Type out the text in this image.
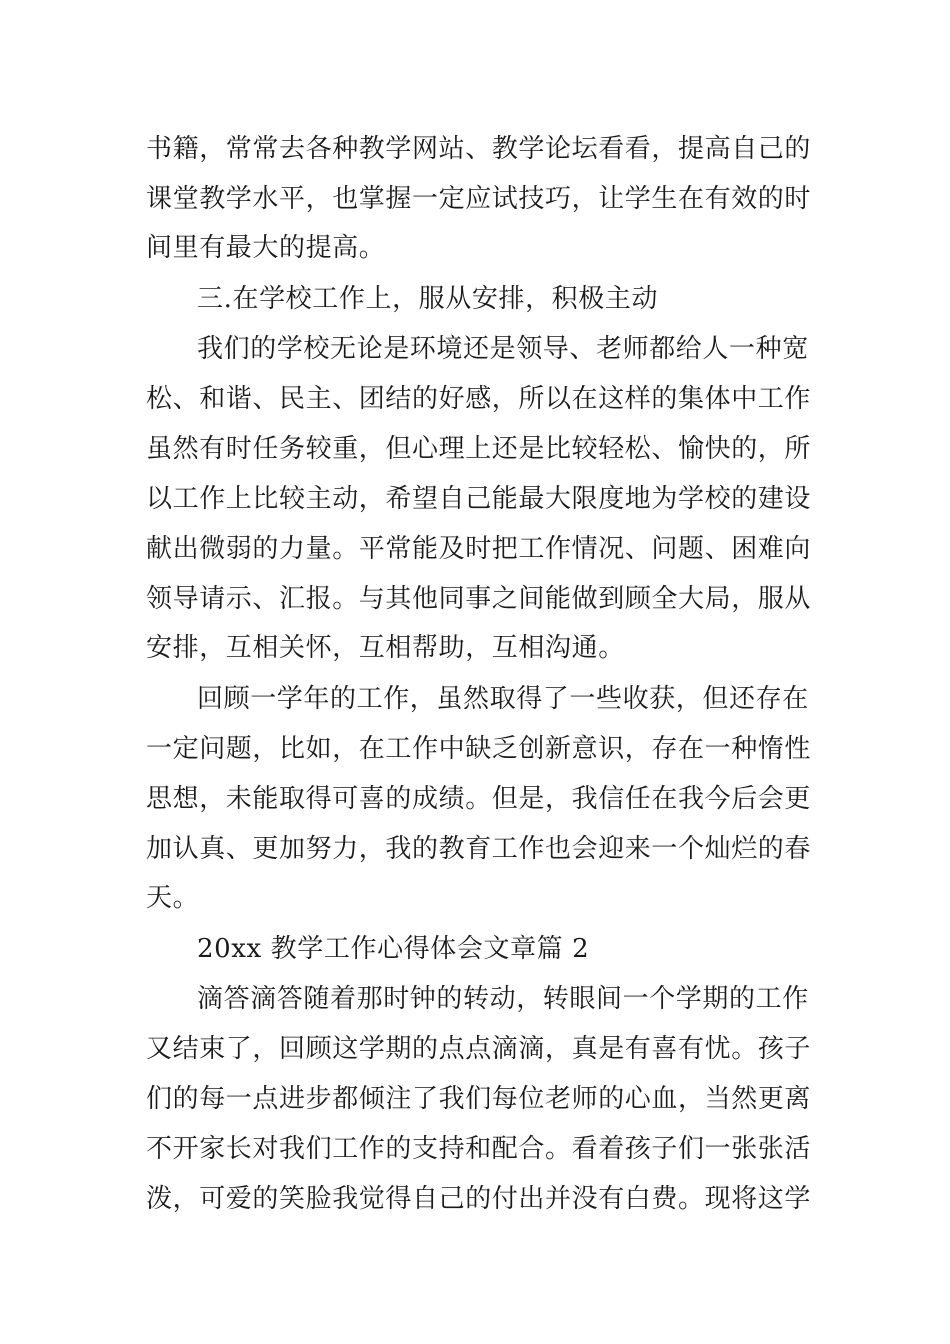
书籍，常常去各种教学网站、教学论坛看看，提高自己的
课堂教学水平，也掌握一定应试技巧，让学生在有效的时
间里有最大的提高。
三.在学校工作上，服从安排，积极主动
我们的学校无论是环境还是领导、老师都给人一种宽
松、和谐、民主、团结的好感，所以在这样的集体中工作
虽然有时任务较重，但心理上还是比较轻松、愉快的，所
以工作上比较主动，希望自己能最大限度地为学校的建设
献出微弱的力量。平常能及时把工作情况、问题、困难向
领导请示、汇报。与其他同事之间能做到顾全大局，服从
安排，互相关怀，互相帮助，互相沟通。
回顾一学年的工作，虽然取得了一些收获，但还存在
一定问题，比如，在工作中缺乏创新意识，存在一种惰性
思想，未能取得可喜的成绩。但是，我信任在我今后会更
加认真、更加努力，我的教育工作也会迎来一个灿烂的春
天。
20xx 教学工作心得体会文章篇 2
滴答滴答随着那时钟的转动，转眼间一个学期的工作
又结束了，回顾这学期的点点滴滴，真是有喜有忧。孩子
们的每一点进步都倾注了我们每位老师的心血，当然更离
不开家长对我们工作的支持和配合。看着孩子们一张张活
泼，可爱的笑脸我觉得自己的付出并没有白费。现将这学
